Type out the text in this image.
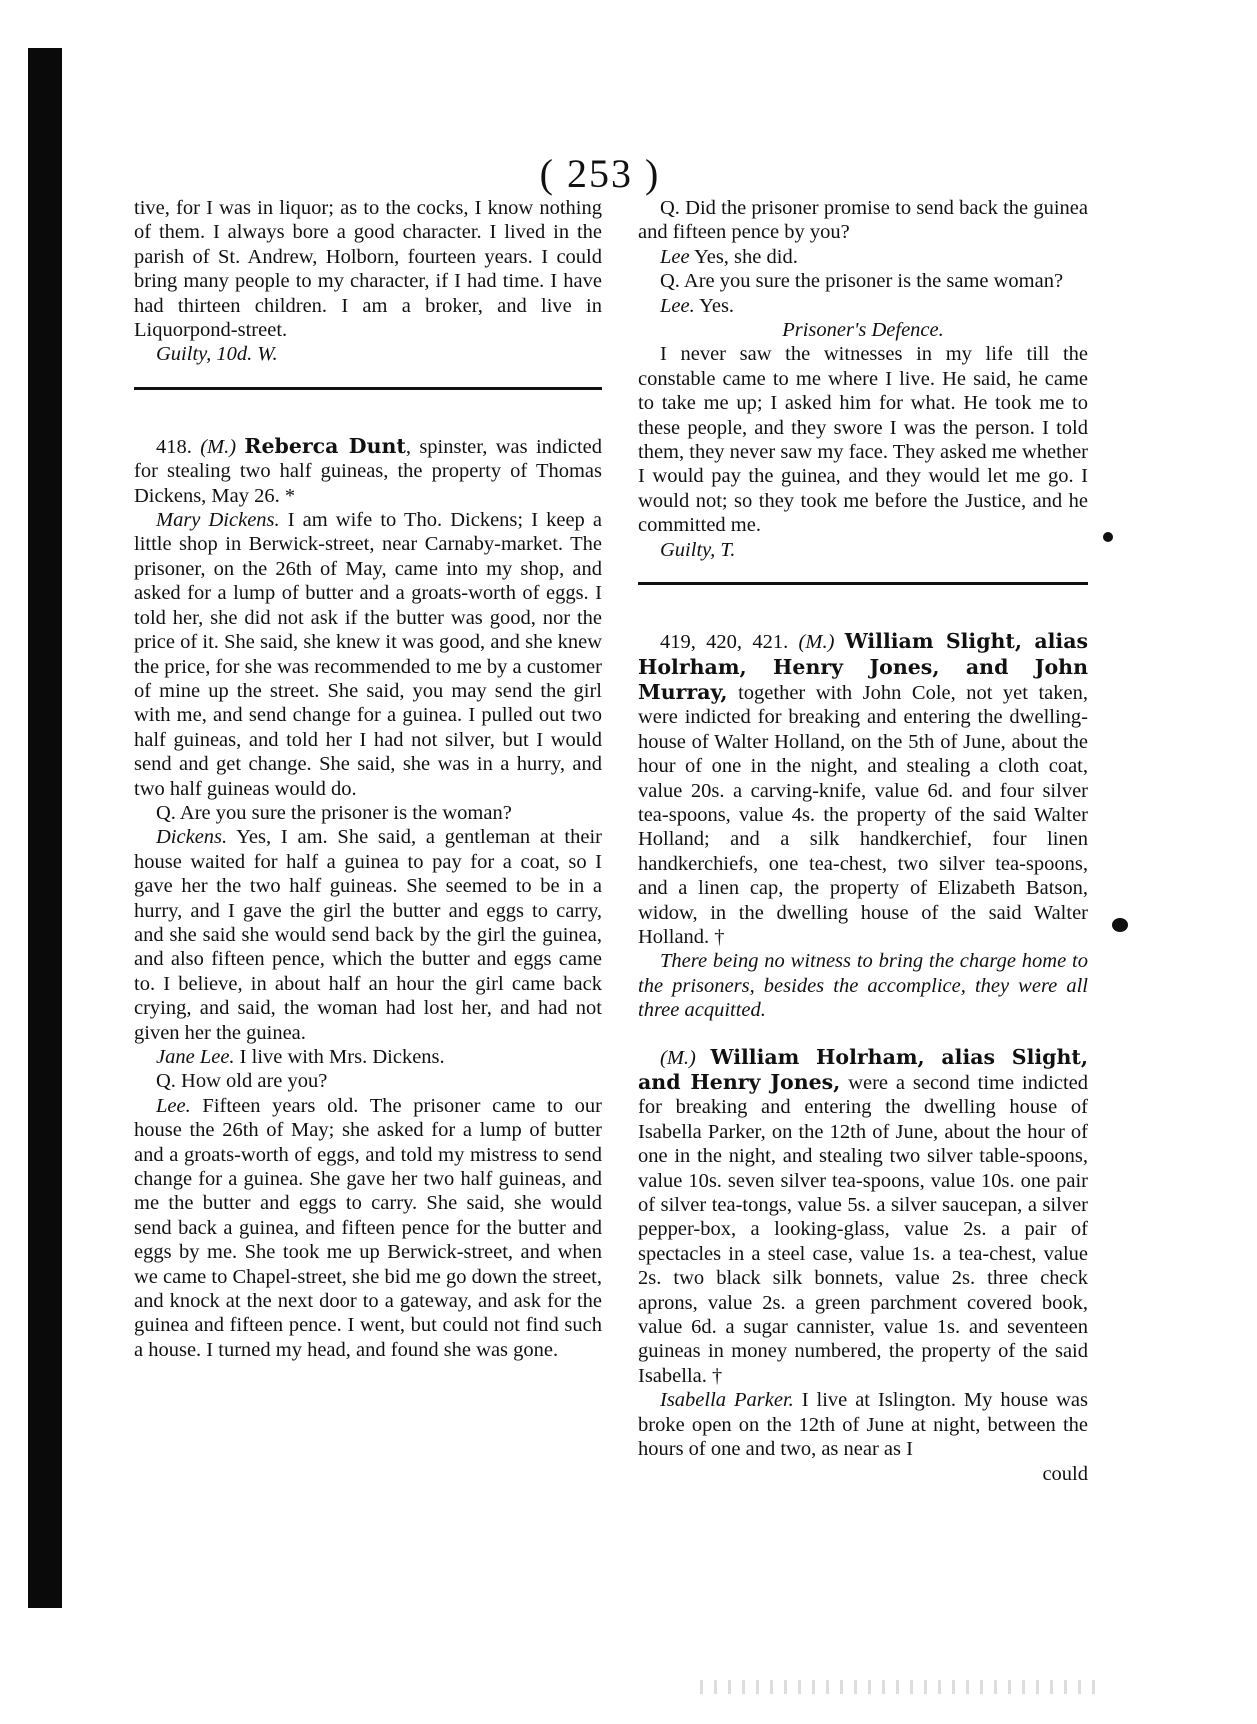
( 253 )

tive, for I was in liquor; as to the cocks, I know nothing of them. I always bore a good character. I lived in the parish of St. Andrew, Holborn, fourteen years. I could bring many people to my character, if I had time. I have had thirteen children. I am a broker, and live in Liquorpond-street.

Guilty, 10d. W.

418. (M.) Reberca Dunt, spinster, was indicted for stealing two half guineas, the property of Thomas Dickens, May 26. *

Mary Dickens. I am wife to Tho. Dickens; I keep a little shop in Berwick-street, near Carnaby-market. The prisoner, on the 26th of May, came into my shop, and asked for a lump of butter and a groats-worth of eggs. I told her, she did not ask if the butter was good, nor the price of it. She said, she knew it was good, and she knew the price, for she was recommended to me by a customer of mine up the street. She said, you may send the girl with me, and send change for a guinea. I pulled out two half guineas, and told her I had not silver, but I would send and get change. She said, she was in a hurry, and two half guineas would do.

Q. Are you sure the prisoner is the woman?

Dickens. Yes, I am. She said, a gentleman at their house waited for half a guinea to pay for a coat, so I gave her the two half guineas. She seemed to be in a hurry, and I gave the girl the butter and eggs to carry, and she said she would send back by the girl the guinea, and also fifteen pence, which the butter and eggs came to. I believe, in about half an hour the girl came back crying, and said, the woman had lost her, and had not given her the guinea.

Jane Lee. I live with Mrs. Dickens.

Q. How old are you?

Lee. Fifteen years old. The prisoner came to our house the 26th of May; she asked for a lump of butter and a groats-worth of eggs, and told my mistress to send change for a guinea. She gave her two half guineas, and me the butter and eggs to carry. She said, she would send back a guinea, and fifteen pence for the butter and eggs by me. She took me up Berwick-street, and when we came to Chapel-street, she bid me go down the street, and knock at the next door to a gateway, and ask for the guinea and fifteen pence. I went, but could not find such a house. I turned my head, and found she was gone.

Q. Did the prisoner promise to send back the guinea and fifteen pence by you?

Lee Yes, she did.

Q. Are you sure the prisoner is the same woman?

Lee. Yes.

Prisoner's Defence.

I never saw the witnesses in my life till the constable came to me where I live. He said, he came to take me up; I asked him for what. He took me to these people, and they swore I was the person. I told them, they never saw my face. They asked me whether I would pay the guinea, and they would let me go. I would not; so they took me before the Justice, and he committed me.

Guilty, T.

419, 420, 421. (M.) William Slight, alias Holrham, Henry Jones, and John Murray, together with John Cole, not yet taken, were indicted for breaking and entering the dwelling-house of Walter Holland, on the 5th of June, about the hour of one in the night, and stealing a cloth coat, value 20s. a carving-knife, value 6d. and four silver tea-spoons, value 4s. the property of the said Walter Holland; and a silk handkerchief, four linen handkerchiefs, one tea-chest, two silver tea-spoons, and a linen cap, the property of Elizabeth Batson, widow, in the dwelling house of the said Walter Holland. †

There being no witness to bring the charge home to the prisoners, besides the accomplice, they were all three acquitted.

(M.) William Holrham, alias Slight, and Henry Jones, were a second time indicted for breaking and entering the dwelling house of Isabella Parker, on the 12th of June, about the hour of one in the night, and stealing two silver table-spoons, value 10s. seven silver tea-spoons, value 10s. one pair of silver tea-tongs, value 5s. a silver saucepan, a silver pepper-box, a looking-glass, value 2s. a pair of spectacles in a steel case, value 1s. a tea-chest, value 2s. two black silk bonnets, value 2s. three check aprons, value 2s. a green parchment covered book, value 6d. a sugar cannister, value 1s. and seventeen guineas in money numbered, the property of the said Isabella. †

Isabella Parker. I live at Islington. My house was broke open on the 12th of June at night, between the hours of one and two, as near as I

could
